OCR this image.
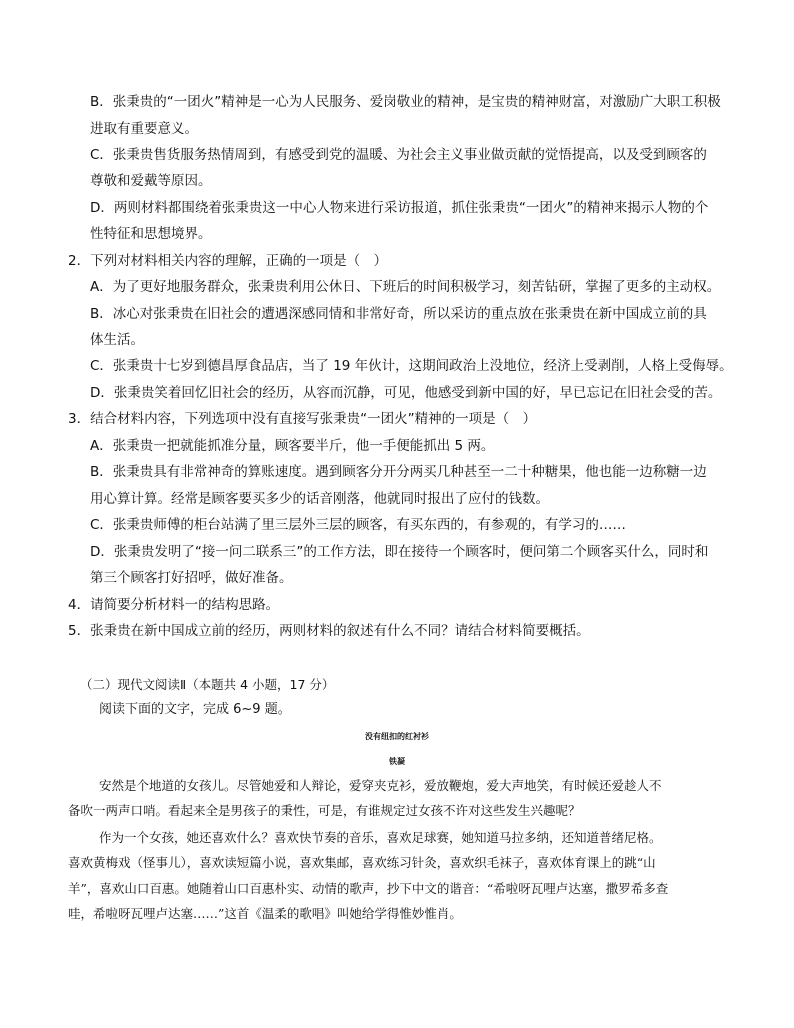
B．张秉贵的“一团火”精神是一心为人民服务、爱岗敬业的精神，是宝贵的精神财富，对激励广大职工积极
进取有重要意义。
C．张秉贵售货服务热情周到，有感受到党的温暖、为社会主义事业做贡献的觉悟提高，以及受到顾客的
尊敬和爱戴等原因。
D．两则材料都围绕着张秉贵这一中心人物来进行采访报道，抓住张秉贵“一团火”的精神来揭示人物的个
性特征和思想境界。
2．下列对材料相关内容的理解，正确的一项是（　）
A．为了更好地服务群众，张秉贵利用公休日、下班后的时间积极学习，刻苦钻研，掌握了更多的主动权。
B．冰心对张秉贵在旧社会的遭遇深感同情和非常好奇，所以采访的重点放在张秉贵在新中国成立前的具
体生活。
C．张秉贵十七岁到德昌厚食品店，当了 19 年伙计，这期间政治上没地位，经济上受剥削，人格上受侮辱。
D．张秉贵笑着回忆旧社会的经历，从容而沉静，可见，他感受到新中国的好，早已忘记在旧社会受的苦。
3．结合材料内容，下列选项中没有直接写张秉贵“一团火”精神的一项是（　）
A．张秉贵一把就能抓准分量，顾客要半斤，他一手便能抓出 5 两。
B．张秉贵具有非常神奇的算账速度。遇到顾客分开分两买几种甚至一二十种糖果，他也能一边称糖一边
用心算计算。经常是顾客要买多少的话音刚落，他就同时报出了应付的钱数。
C．张秉贵师傅的柜台站满了里三层外三层的顾客，有买东西的，有参观的，有学习的……
D．张秉贵发明了“接一问二联系三”的工作方法，即在接待一个顾客时，便问第二个顾客买什么，同时和
第三个顾客打好招呼，做好准备。
4．请简要分析材料一的结构思路。
5．张秉贵在新中国成立前的经历，两则材料的叙述有什么不同？请结合材料简要概括。
（二）现代文阅读Ⅱ（本题共 4 小题，17 分）
阅读下面的文字，完成 6~9 题。
没有纽扣的红衬衫
铁凝
安然是个地道的女孩儿。尽管她爱和人辩论，爱穿夹克衫，爱放鞭炮，爱大声地笑，有时候还爱趁人不
备吹一两声口哨。看起来全是男孩子的秉性，可是，有谁规定过女孩不许对这些发生兴趣呢？
作为一个女孩，她还喜欢什么？喜欢快节奏的音乐，喜欢足球赛，她知道马拉多纳，还知道普绪尼格。
喜欢黄梅戏（怪事儿），喜欢读短篇小说，喜欢集邮，喜欢练习针灸，喜欢织毛袜子，喜欢体育课上的跳“山
羊”，喜欢山口百惠。她随着山口百惠朴实、动情的歌声，抄下中文的谐音：“希啦呀瓦哩卢达塞，撒罗希多查
哇，希啦呀瓦哩卢达塞……”这首《温柔的歌唱》叫她给学得惟妙惟肖。
